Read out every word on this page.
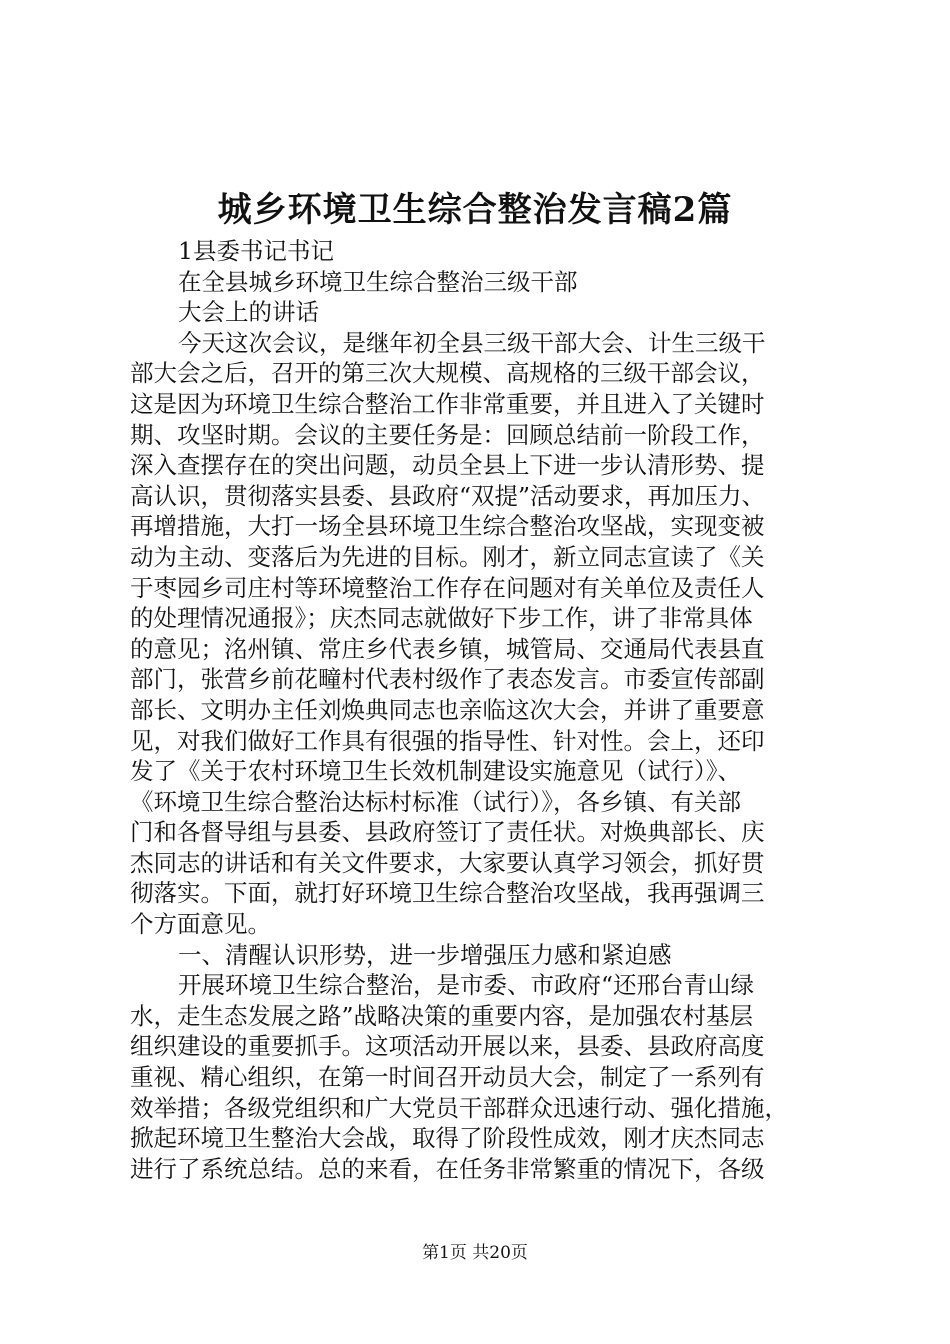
城乡环境卫生综合整治发言稿2篇

1县委书记书记

在全县城乡环境卫生综合整治三级干部

大会上的讲话

今天这次会议，是继年初全县三级干部大会、计生三级干

部大会之后，召开的第三次大规模、高规格的三级干部会议，

这是因为环境卫生综合整治工作非常重要，并且进入了关键时

期、攻坚时期。会议的主要任务是：回顾总结前一阶段工作，

深入查摆存在的突出问题，动员全县上下进一步认清形势、提

高认识，贯彻落实县委、县政府“双提”活动要求，再加压力、

再增措施，大打一场全县环境卫生综合整治攻坚战，实现变被

动为主动、变落后为先进的目标。刚才，新立同志宣读了《关

于枣园乡司庄村等环境整治工作存在问题对有关单位及责任人

的处理情况通报》；庆杰同志就做好下步工作，讲了非常具体

的意见；洺州镇、常庄乡代表乡镇，城管局、交通局代表县直

部门，张营乡前花疃村代表村级作了表态发言。市委宣传部副

部长、文明办主任刘焕典同志也亲临这次大会，并讲了重要意

见，对我们做好工作具有很强的指导性、针对性。会上，还印

发了《关于农村环境卫生长效机制建设实施意见（试行）》、

《环境卫生综合整治达标村标准（试行）》，各乡镇、有关部

门和各督导组与县委、县政府签订了责任状。对焕典部长、庆

杰同志的讲话和有关文件要求，大家要认真学习领会，抓好贯

彻落实。下面，就打好环境卫生综合整治攻坚战，我再强调三

个方面意见。

一、清醒认识形势，进一步增强压力感和紧迫感

开展环境卫生综合整治，是市委、市政府“还邢台青山绿

水，走生态发展之路”战略决策的重要内容，是加强农村基层

组织建设的重要抓手。这项活动开展以来，县委、县政府高度

重视、精心组织，在第一时间召开动员大会，制定了一系列有

效举措；各级党组织和广大党员干部群众迅速行动、强化措施，

掀起环境卫生整治大会战，取得了阶段性成效，刚才庆杰同志

进行了系统总结。总的来看，在任务非常繁重的情况下，各级

第1页 共20页
